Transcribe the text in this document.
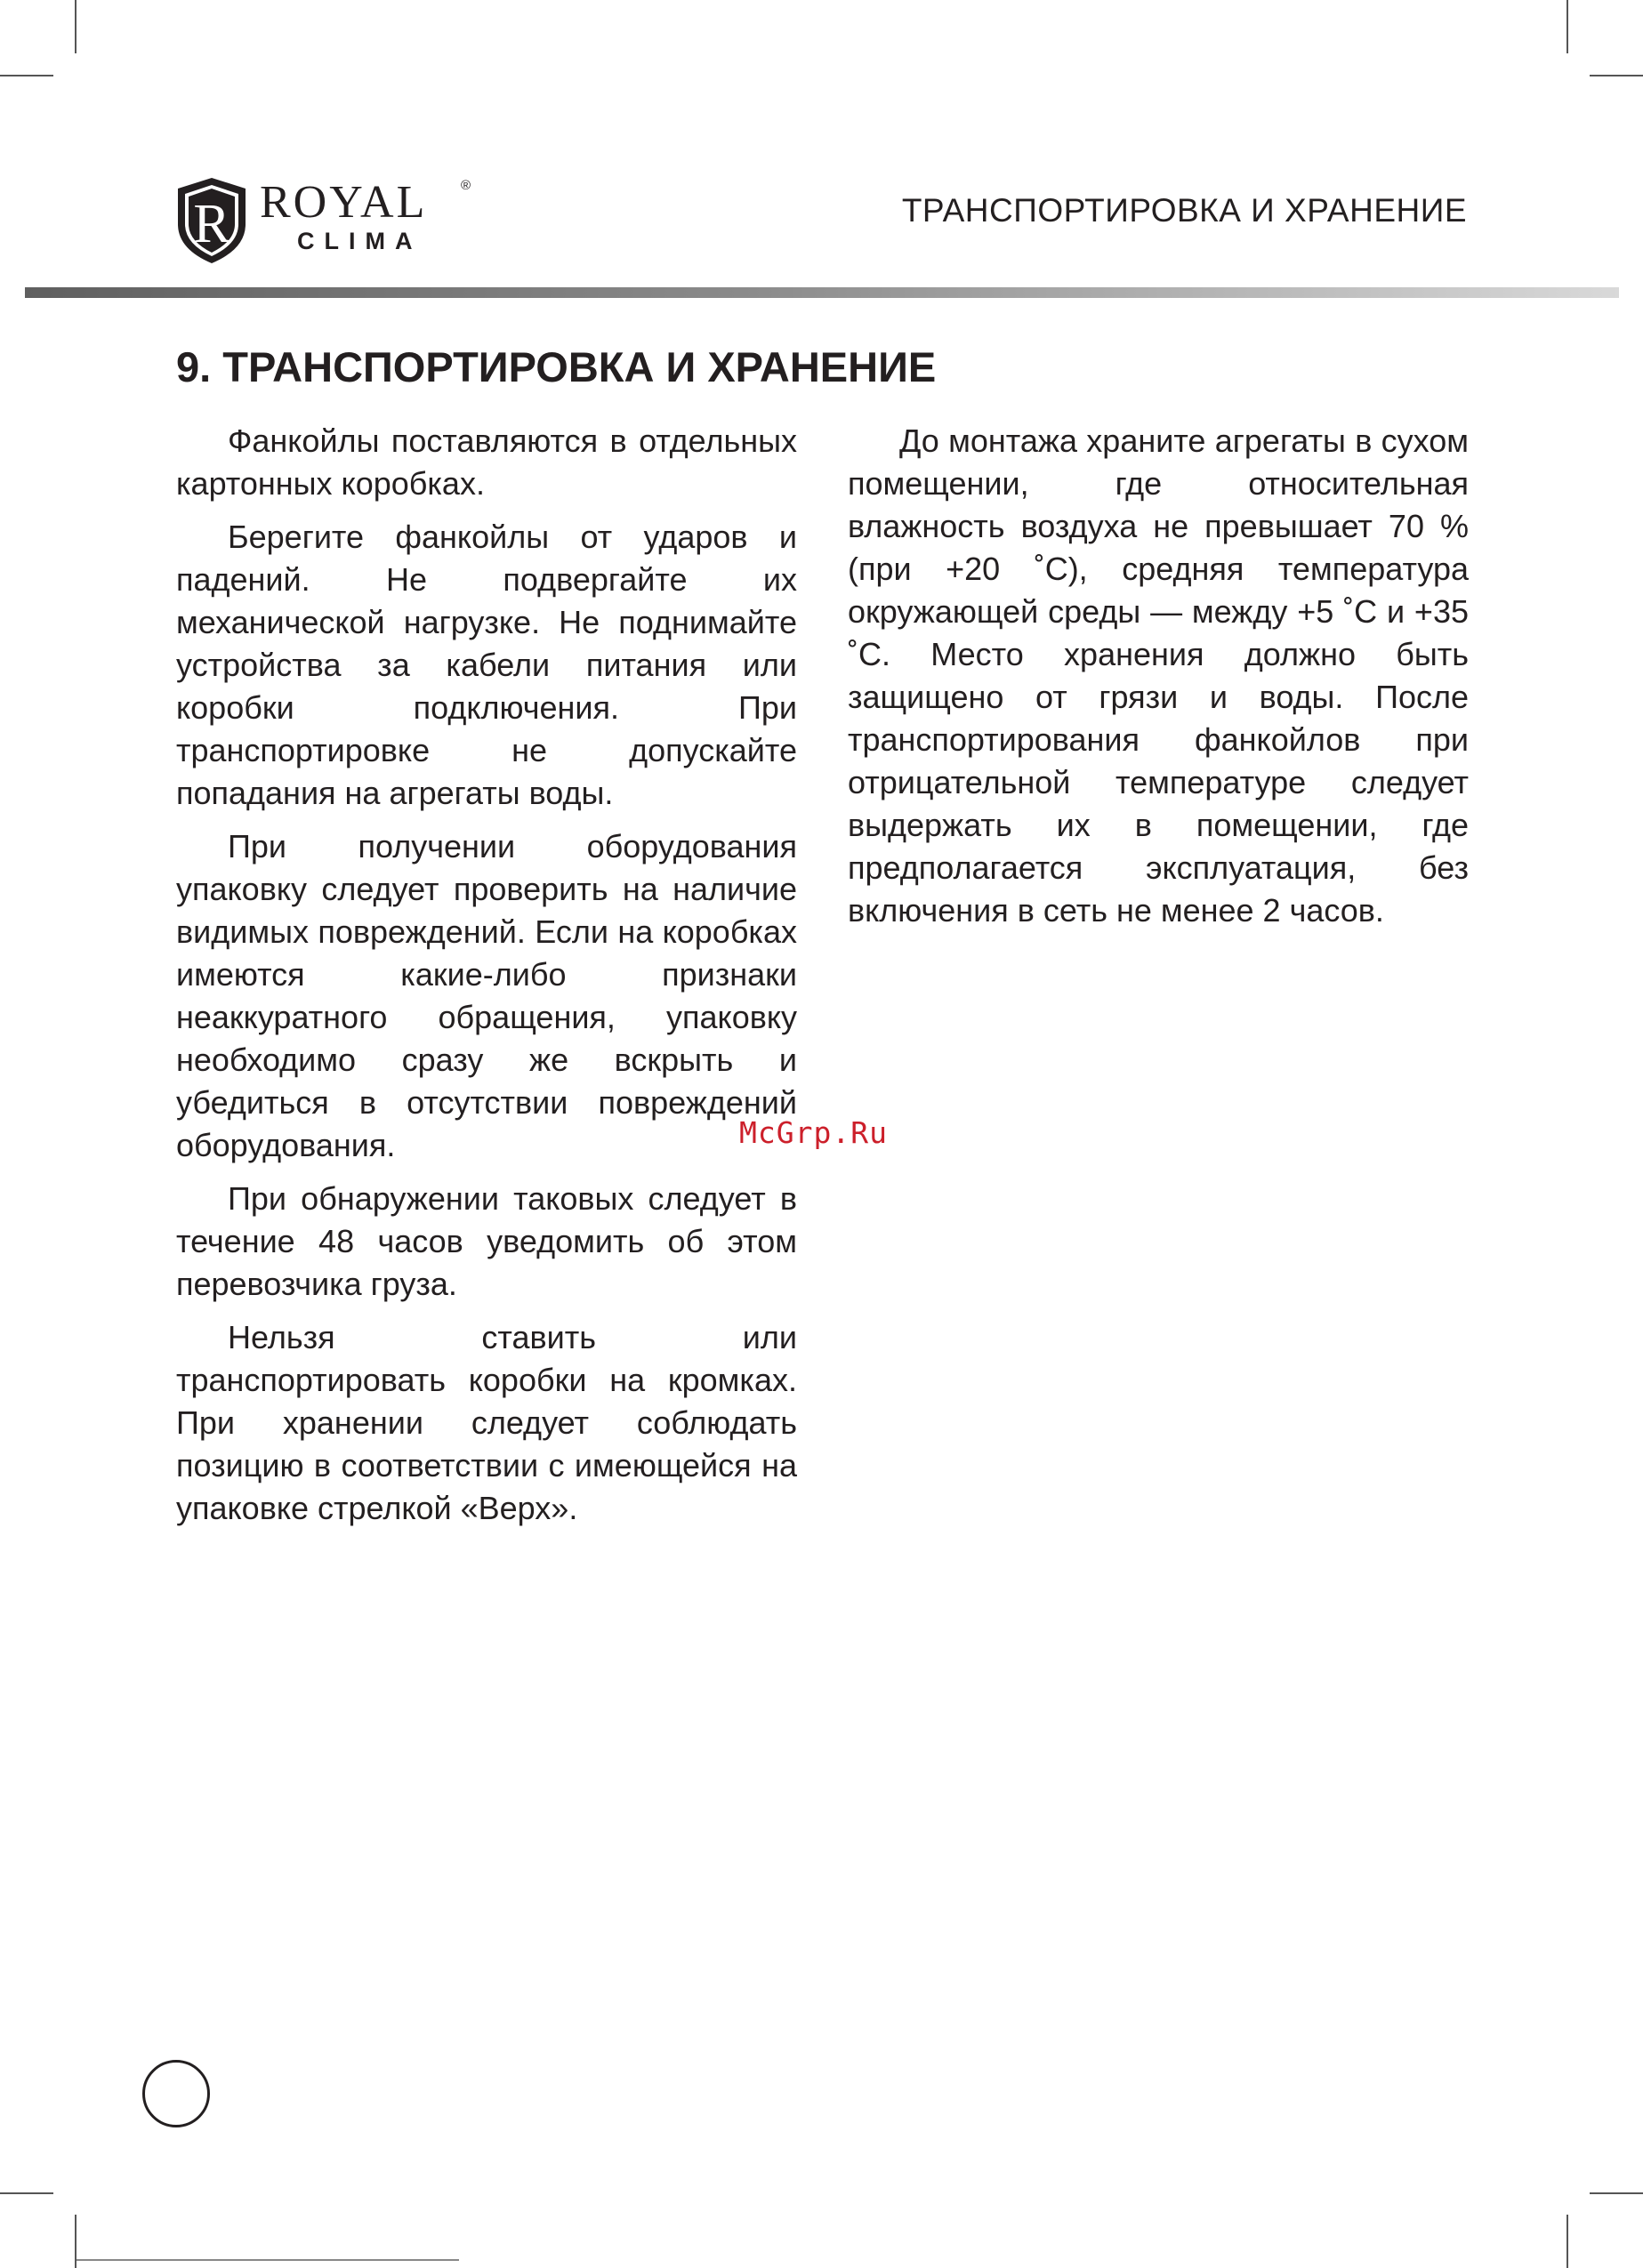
R ROYAL	®
CLIMA
ТРАНСПОРТИРОВКА И ХРАНЕНИЕ
9. ТРАНСПОРТИРОВКА И ХРАНЕНИЕ

Фанкойлы поставляются в отдельных картонных коробках.

Берегите фанкойлы от ударов и падений. Не подвергайте их механической нагрузке. Не поднимайте устройства за кабели питания или коробки подключения. При транспортировке не допускайте попадания на агрегаты воды.

При получении оборудования упаковку следует проверить на наличие видимых повреждений. Если на коробках имеются какие-либо признаки неаккуратного обращения, упаковку необходимо сразу же вскрыть и убедиться в отсутствии повреждений оборудования.

При обнаружении таковых следует в течение 48 часов уведомить об этом перевозчика груза.

Нельзя ставить или транспортировать коробки на кромках. При хранении следует соблюдать позицию в соответствии с имеющейся на упаковке стрелкой «Верх».

До монтажа храните агрегаты в сухом помещении, где относительная влажность воздуха не превышает 70 % (при +20 ˚С), средняя температура окружающей среды — между +5 ˚С и +35 ˚С. Место хранения должно быть защищено от грязи и воды. После транспортирования фанкойлов при отрицательной температуре следует выдержать их в помещении, где предполагается эксплуатация, без включения в сеть не менее 2 часов.

McGrp.Ru
